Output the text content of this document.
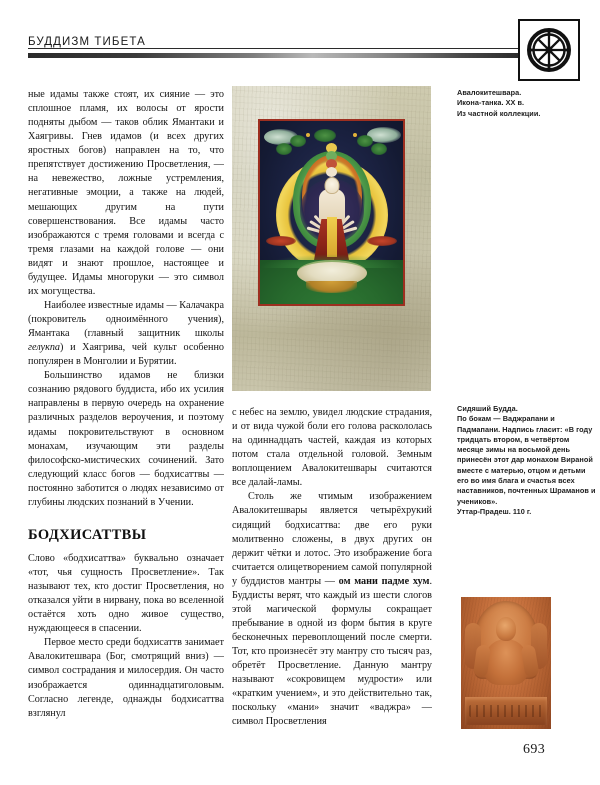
БУДДИЗМ ТИБЕТА
Авалокитешвара.
Икона-танка. XX в.
Из частной коллекции.

ные идамы также стоят, их сияние — это сплошное пламя, их волосы от ярости подняты дыбом — таков облик Ямантаки и Хаягривы. Гнев идамов (и всех других яростных богов) направлен на то, что препятствует достижению Просветления, — на невежество, ложные устремления, негативные эмоции, а также на людей, мешающих другим на пути совершенствования. Все идамы часто изображаются с тремя головами и всегда с тремя глазами на каждой голове — они видят и знают прошлое, настоящее и будущее. Идамы многоруки — это символ их могущества.

Наиболее известные идамы — Калачакра (покровитель одноимённого учения), Ямантака (главный защитник школы гелукпа) и Хаягрива, чей культ особенно популярен в Монголии и Бурятии.

Большинство идамов не близки сознанию рядового буддиста, ибо их усилия направлены в первую очередь на охранение различных разделов вероучения, и поэтому идамы покровительствуют в основном монахам, изучающим эти разделы философско-мистических сочинений. Зато следующий класс богов — бодхисаттвы — постоянно заботится о людях независимо от глубины людских познаний в Учении.

БОДХИСАТТВЫ

Слово «бодхисаттва» буквально означает «тот, чья сущность Просветление». Так называют тех, кто достиг Просветления, но отказался уйти в нирвану, пока во вселенной остаётся хоть одно живое существо, нуждающееся в спасении.

Первое место среди бодхисаттв занимает Авалокитешвара (Бог, смотрящий вниз) — символ сострадания и милосердия. Он часто изображается одиннадцатиголовым. Согласно легенде, однажды бодхисаттва взглянул

с небес на землю, увидел людские страдания, и от вида чужой боли его голова раскололась на одиннадцать частей, каждая из которых потом стала отдельной головой. Земным воплощением Авалокитешвары считаются все далай-ламы.

Столь же чтимым изображением Авалокитешвары является четырёхрукий сидящий бодхисаттва: две его руки молитвенно сложены, в двух других он держит чётки и лотос. Это изображение бога считается олицетворением самой популярной у буддистов мантры — ом мани падме хум. Буддисты верят, что каждый из шести слогов этой магической формулы сокращает пребывание в одной из форм бытия в круге бесконечных перевоплощений после смерти. Тот, кто произнесёт эту мантру сто тысяч раз, обретёт Просветление. Данную мантру называют «сокровищем мудрости» или «кратким учением», и это действительно так, поскольку «мани» значит «ваджра» — символ Просветления

Сидяший Будда.
По бокам — Ваджрапани и Падмапани. Надпись гласит: «В году тридцать втором, в четвёртом месяце зимы на восьмой день принесён этот дар монахом Вираной вместе с матерью, отцом и детьми его во имя блага и счастья всех наставников, почтенных Шраманов и учеников».
Уттар-Прадеш. 110 г.
693
